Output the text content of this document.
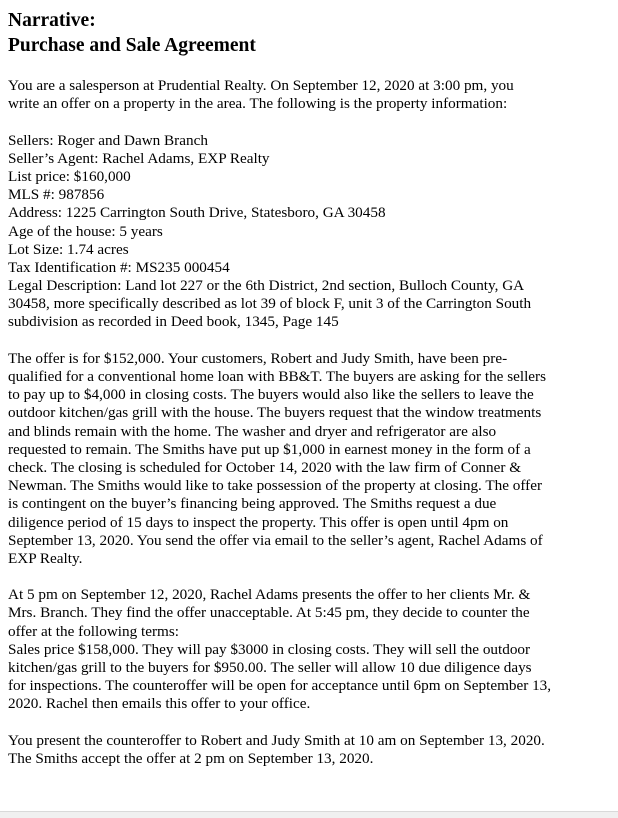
Narrative:
Purchase and Sale Agreement
You are a salesperson at Prudential Realty. On September 12, 2020 at 3:00 pm, you
write an offer on a property in the area. The following is the property information:
Sellers: Roger and Dawn Branch
Seller’s Agent: Rachel Adams, EXP Realty
List price: $160,000
MLS #: 987856
Address: 1225 Carrington South Drive, Statesboro, GA 30458
Age of the house: 5 years
Lot Size: 1.74 acres
Tax Identification #: MS235 000454
Legal Description: Land lot 227 or the 6th District, 2nd section, Bulloch County, GA
30458, more specifically described as lot 39 of block F, unit 3 of the Carrington South
subdivision as recorded in Deed book, 1345, Page 145
The offer is for $152,000. Your customers, Robert and Judy Smith, have been pre-
qualified for a conventional home loan with BB&T. The buyers are asking for the sellers
to pay up to $4,000 in closing costs. The buyers would also like the sellers to leave the
outdoor kitchen/gas grill with the house. The buyers request that the window treatments
and blinds remain with the home. The washer and dryer and refrigerator are also
requested to remain. The Smiths have put up $1,000 in earnest money in the form of a
check. The closing is scheduled for October 14, 2020 with the law firm of Conner &
Newman. The Smiths would like to take possession of the property at closing. The offer
is contingent on the buyer’s financing being approved. The Smiths request a due
diligence period of 15 days to inspect the property. This offer is open until 4pm on
September 13, 2020. You send the offer via email to the seller’s agent, Rachel Adams of
EXP Realty.
At 5 pm on September 12, 2020, Rachel Adams presents the offer to her clients Mr. &
Mrs. Branch. They find the offer unacceptable. At 5:45 pm, they decide to counter the
offer at the following terms:
Sales price $158,000. They will pay $3000 in closing costs. They will sell the outdoor
kitchen/gas grill to the buyers for $950.00. The seller will allow 10 due diligence days
for inspections. The counteroffer will be open for acceptance until 6pm on September 13,
2020. Rachel then emails this offer to your office.
You present the counteroffer to Robert and Judy Smith at 10 am on September 13, 2020.
The Smiths accept the offer at 2 pm on September 13, 2020.
